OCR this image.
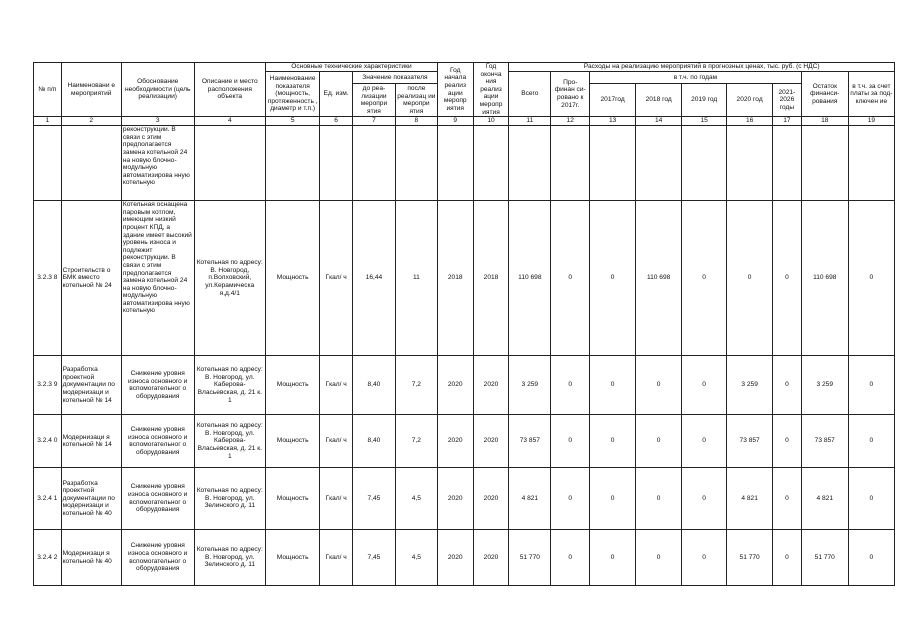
№ п/п	Наименовани е мероприятий	Обоснование необходимости (цель реализации)	Описание и место расположения объекта	Основные технические характеристики				Год начала реализ ации меропр иятия	Год оконча ния реализ ации меропр иятия	Расходы на реализацию мероприятий в прогнозных ценах, тыс. руб. (с НДС)								
				Наименование показателя (мощность, протяженность , диаметр и т.п.)	Ед. изм.	Значение показателя				Всего	Про- финан си- ровано к 2017г.	в т.ч. по годам					Остаток финанси- рования	в т.ч. за счет платы за под- ключен ие
						до реа- лизации меропри ятия	после реализац ии меропри ятия					2017год	2018 год	2019 год	2020 год	2021- 2026 годы		

1	2	3	4	5	6	7	8	9	10	11	12	13	14	15	16	17	18	19
		реконструкции. В связи с этим предполагается замена котельной 24 на новую блочно-модульную автоматизирова нную котельную																
3.2.3 8	Строительств о БМК вместо котельной № 24	Котельная оснащена паровым котлом, имеющим низкий процент КПД, а здание имеет высокий уровень износа и подлежит реконструкции. В связи с этим предполагается замена котельной 24 на новую блочно-модульную автоматизирова нную котельную	Котельная по адресу: В. Новгород, п.Волховский, ул.Керамическа я,д.4/1	Мощность	Гкал/ ч	16,44	11	2018	2018	110 698	0	0	110 698	0	0	0	110 698	0
3.2.3 9	Разработка проектной документации по модернизаци и котельной № 14	Снижение уровня износа основного и вспомогательног о оборудования	Котельная по адресу: В. Новгород, ул. Каберова-Власьевская, д. 21 к. 1	Мощность	Гкал/ ч	8,40	7,2	2020	2020	3 259	0	0	0	0	3 259	0	3 259	0
3.2.4 0	Модернизаци я котельной № 14	Снижение уровня износа основного и вспомогательног о оборудования	Котельная по адресу: В. Новгород, ул. Каберова-Власьевская, д. 21 к. 1	Мощность	Гкал/ ч	8,40	7,2	2020	2020	73 857	0	0	0	0	73 857	0	73 857	0
3.2.4 1	Разработка проектной документации по модернизаци и котельной № 40	Снижение уровня износа основного и вспомогательног о оборудования	Котельная по адресу: В. Новгород, ул. Зелинского д. 11	Мощность	Гкал/ ч	7,45	4,5	2020	2020	4 821	0	0	0	0	4 821	0	4 821	0
3.2.4 2	Модернизаци я котельной № 40	Снижение уровня износа основного и вспомогательног о оборудования	Котельная по адресу: В. Новгород, ул. Зелинского д. 11	Мощность	Гкал/ ч	7,45	4,5	2020	2020	51 770	0	0	0	0	51 770	0	51 770	0
